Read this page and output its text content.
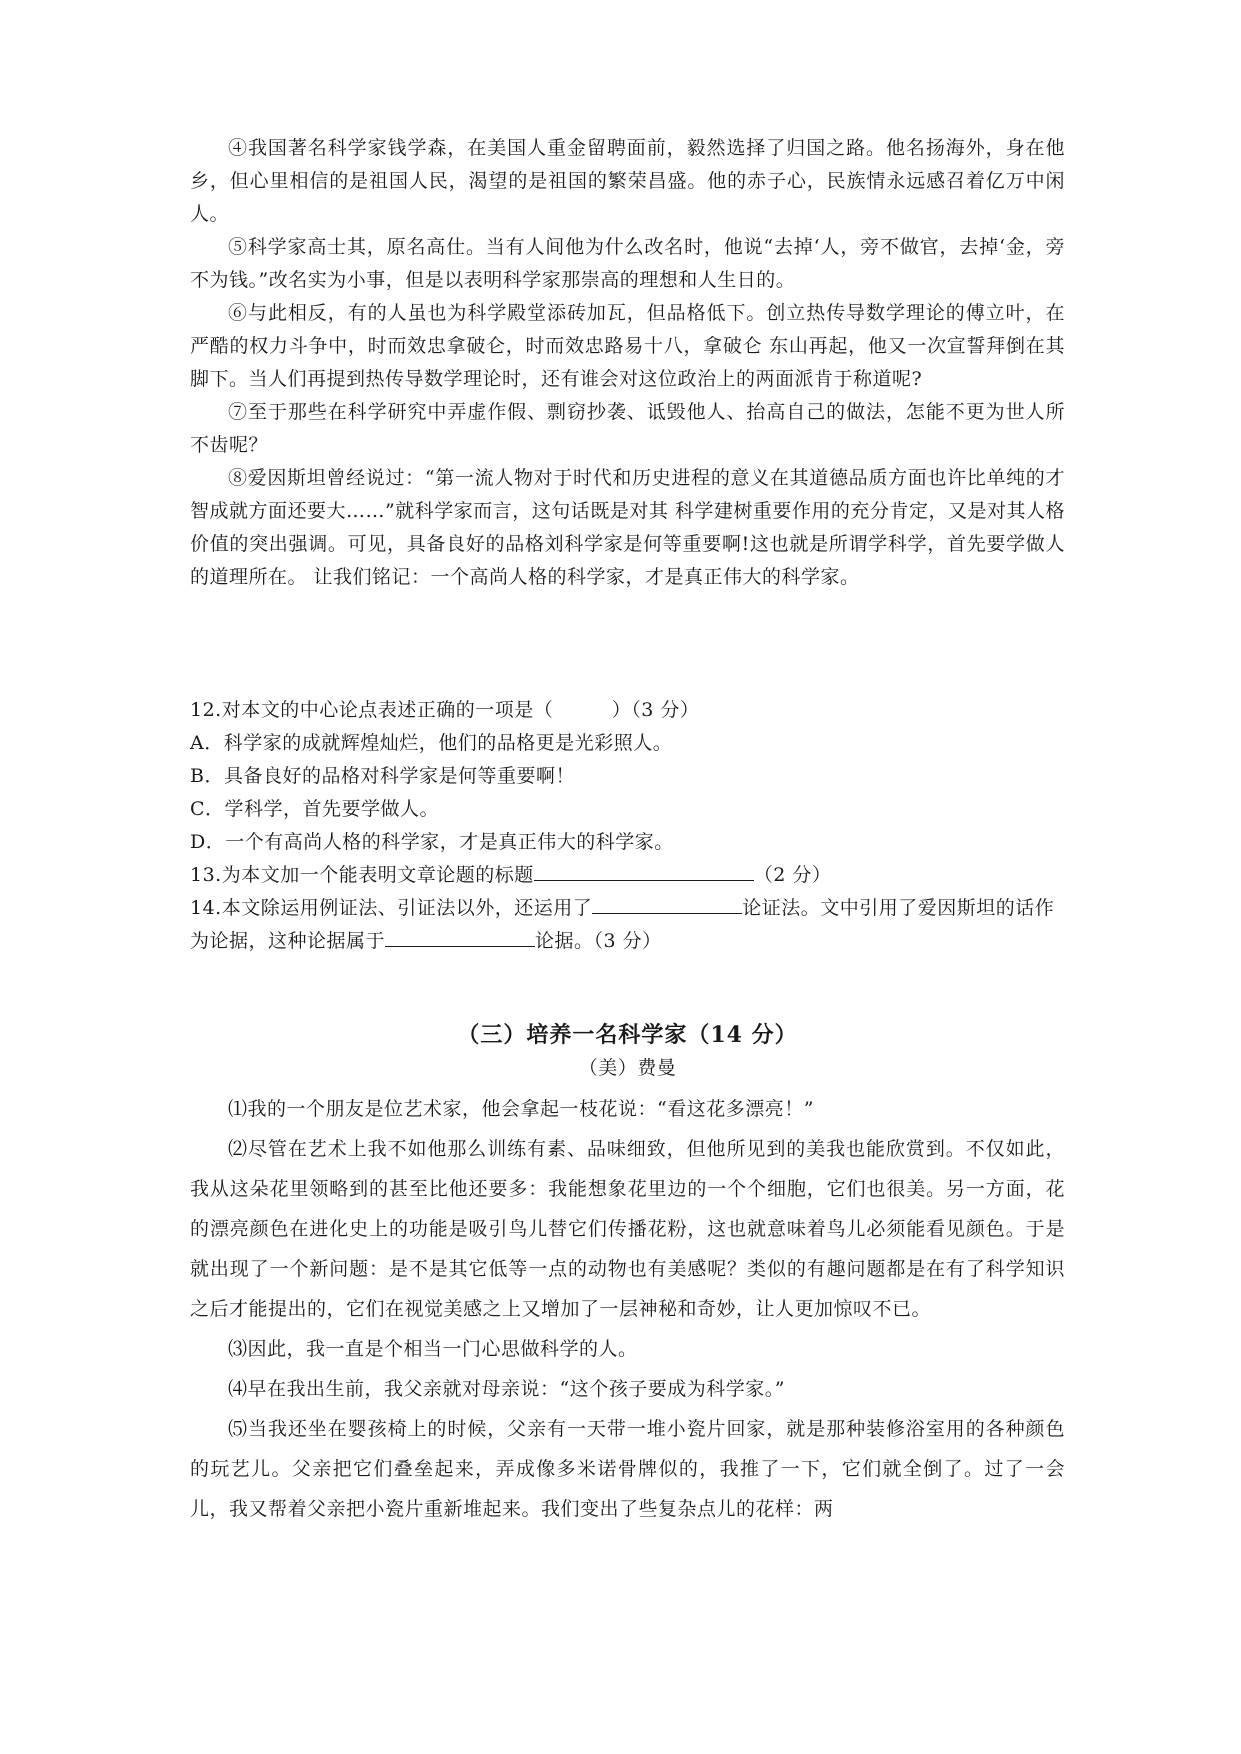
④我国著名科学家钱学森，在美国人重金留聘面前，毅然选择了归国之路。他名扬海外，身在他乡，但心里相信的是祖国人民，渴望的是祖国的繁荣昌盛。他的赤子心，民族情永远感召着亿万中闲人。

⑤科学家高士其，原名高仕。当有人间他为什么改名时，他说“去掉‘人，旁不做官，去掉‘金，旁不为钱。”改名实为小事，但是以表明科学家那崇高的理想和人生日的。

⑥与此相反，有的人虽也为科学殿堂添砖加瓦，但品格低下。创立热传导数学理论的傅立叶，在严酷的权力斗争中，时而效忠拿破仑，时而效忠路易十八，拿破仑 东山再起，他又一次宣誓拜倒在其脚下。当人们再提到热传导数学理论时，还有谁会对这位政治上的两面派肯于称道呢?

⑦至于那些在科学研究中弄虚作假、剽窃抄袭、诋毁他人、抬高自己的做法，怎能不更为世人所不齿呢？

⑧爱因斯坦曾经说过：“第一流人物对于时代和历史进程的意义在其道德品质方面也许比单纯的才智成就方面还要大……”就科学家而言，这句话既是对其 科学建树重要作用的充分肯定，又是对其人格价值的突出强调。可见，具备良好的品格刘科学家是何等重要啊!这也就是所谓学科学，首先要学做人的道理所在。 让我们铭记：一个高尚人格的科学家，才是真正伟大的科学家。

12.对本文的中心论点表述正确的一项是（　　　）（3 分）

A．科学家的成就辉煌灿烂，他们的品格更是光彩照人。

B．具备良好的品格对科学家是何等重要啊！

C．学科学，首先要学做人。

D．一个有高尚人格的科学家，才是真正伟大的科学家。

13.为本文加一个能表明文章论题的标题	（2 分）

14.本文除运用例证法、引证法以外，还运用了	论证法。文中引用了爱因斯坦的话作为论据，这种论据属于	论据。（3 分）

（三）培养一名科学家（14 分）

（美）费曼

⑴我的一个朋友是位艺术家，他会拿起一枝花说：“看这花多漂亮！”

⑵尽管在艺术上我不如他那么训练有素、品味细致，但他所见到的美我也能欣赏到。不仅如此，我从这朵花里领略到的甚至比他还要多：我能想象花里边的一个个细胞，它们也很美。另一方面，花的漂亮颜色在进化史上的功能是吸引鸟儿替它们传播花粉，这也就意味着鸟儿必须能看见颜色。于是就出现了一个新问题：是不是其它低等一点的动物也有美感呢？类似的有趣问题都是在有了科学知识之后才能提出的，它们在视觉美感之上又增加了一层神秘和奇妙，让人更加惊叹不已。

⑶因此，我一直是个相当一门心思做科学的人。

⑷早在我出生前，我父亲就对母亲说：“这个孩子要成为科学家。”

⑸当我还坐在婴孩椅上的时候，父亲有一天带一堆小瓷片回家，就是那种装修浴室用的各种颜色的玩艺儿。父亲把它们叠垒起来，弄成像多米诺骨牌似的，我推了一下，它们就全倒了。过了一会儿，我又帮着父亲把小瓷片重新堆起来。我们变出了些复杂点儿的花样：两
